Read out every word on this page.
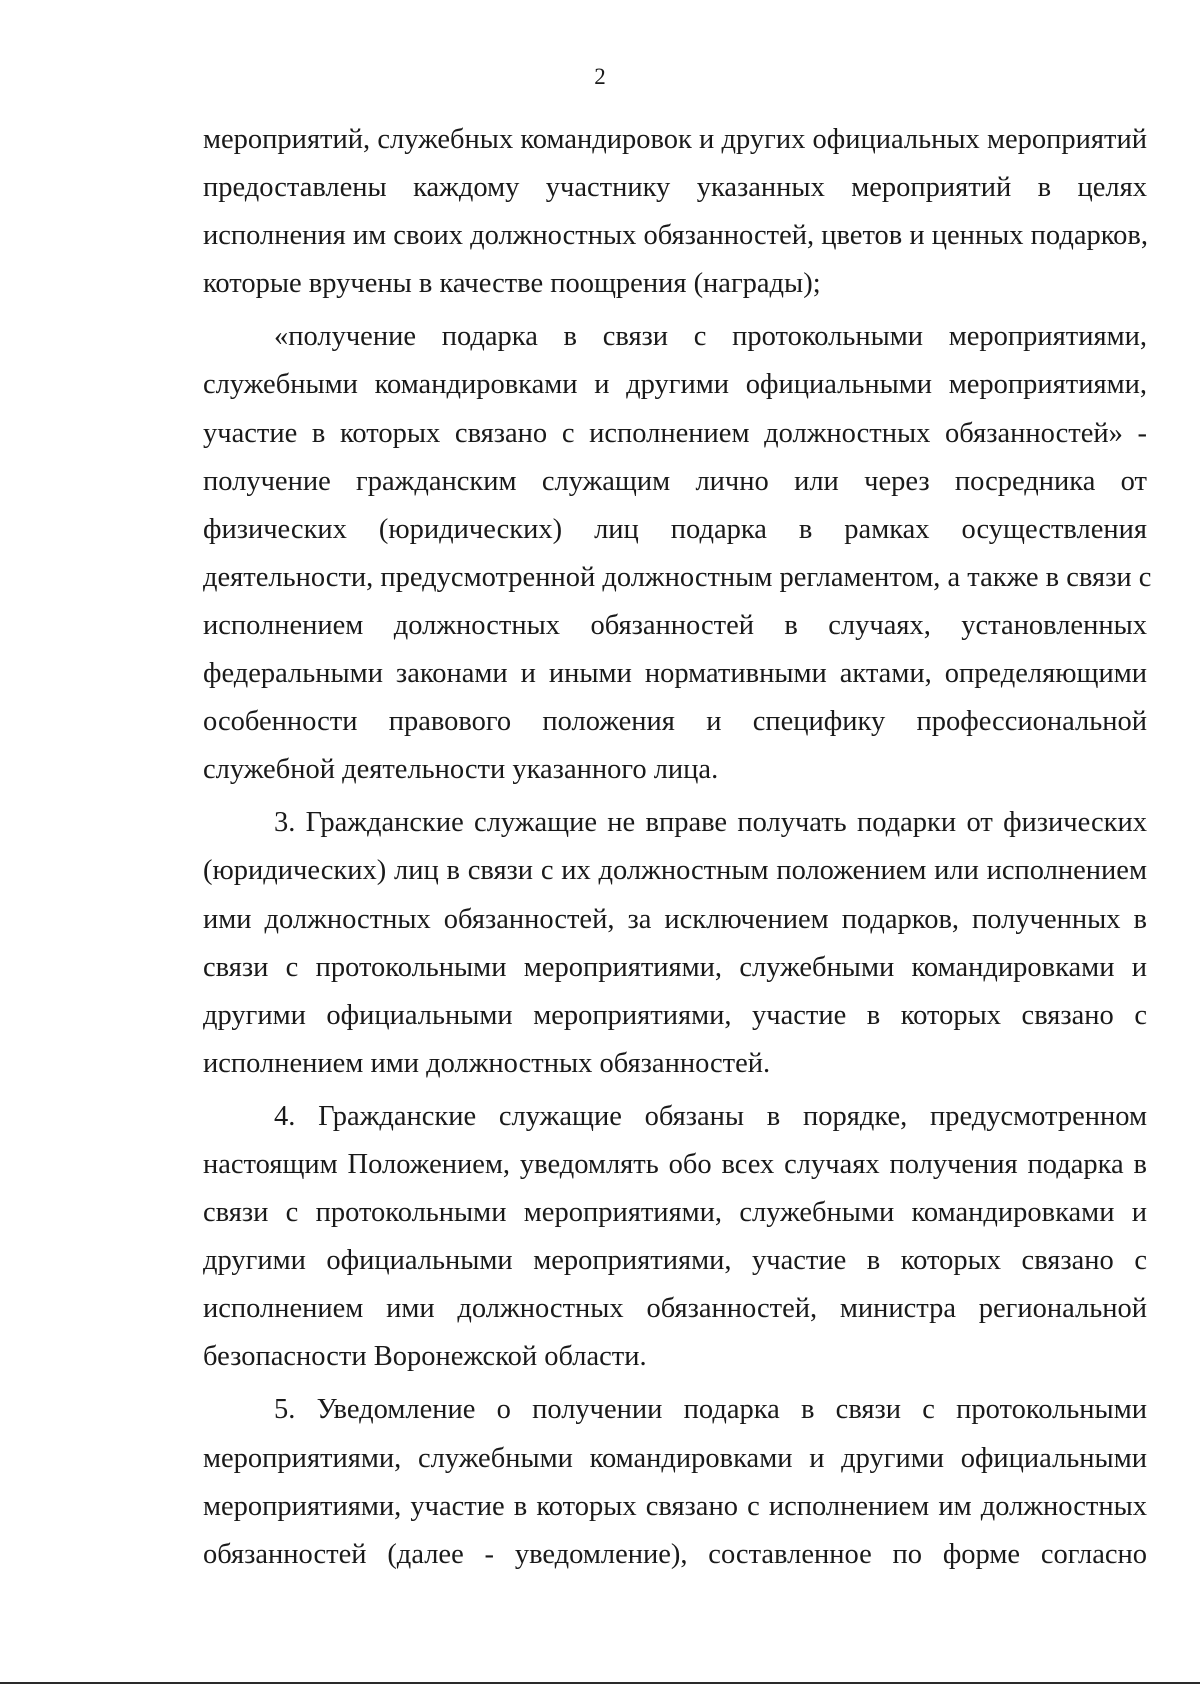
2
мероприятий, служебных командировок и других официальных мероприятий
предоставлены каждому участнику указанных мероприятий в целях
исполнения им своих должностных обязанностей, цветов и ценных подарков,
которые вручены в качестве поощрения (награды);
«получение подарка в связи с протокольными мероприятиями,
служебными командировками и другими официальными мероприятиями,
участие в которых связано с исполнением должностных обязанностей» -
получение гражданским служащим лично или через посредника от
физических (юридических) лиц подарка в рамках осуществления
деятельности, предусмотренной должностным регламентом, а также в связи с
исполнением должностных обязанностей в случаях, установленных
федеральными законами и иными нормативными актами, определяющими
особенности правового положения и специфику профессиональной
служебной деятельности указанного лица.
3. Гражданские служащие не вправе получать подарки от физических
(юридических) лиц в связи с их должностным положением или исполнением
ими должностных обязанностей, за исключением подарков, полученных в
связи с протокольными мероприятиями, служебными командировками и
другими официальными мероприятиями, участие в которых связано с
исполнением ими должностных обязанностей.
4. Гражданские служащие обязаны в порядке, предусмотренном
настоящим Положением, уведомлять обо всех случаях получения подарка в
связи с протокольными мероприятиями, служебными командировками и
другими официальными мероприятиями, участие в которых связано с
исполнением ими должностных обязанностей, министра региональной
безопасности Воронежской области.
5. Уведомление о получении подарка в связи с протокольными
мероприятиями, служебными командировками и другими официальными
мероприятиями, участие в которых связано с исполнением им должностных
обязанностей (далее - уведомление), составленное по форме согласно
